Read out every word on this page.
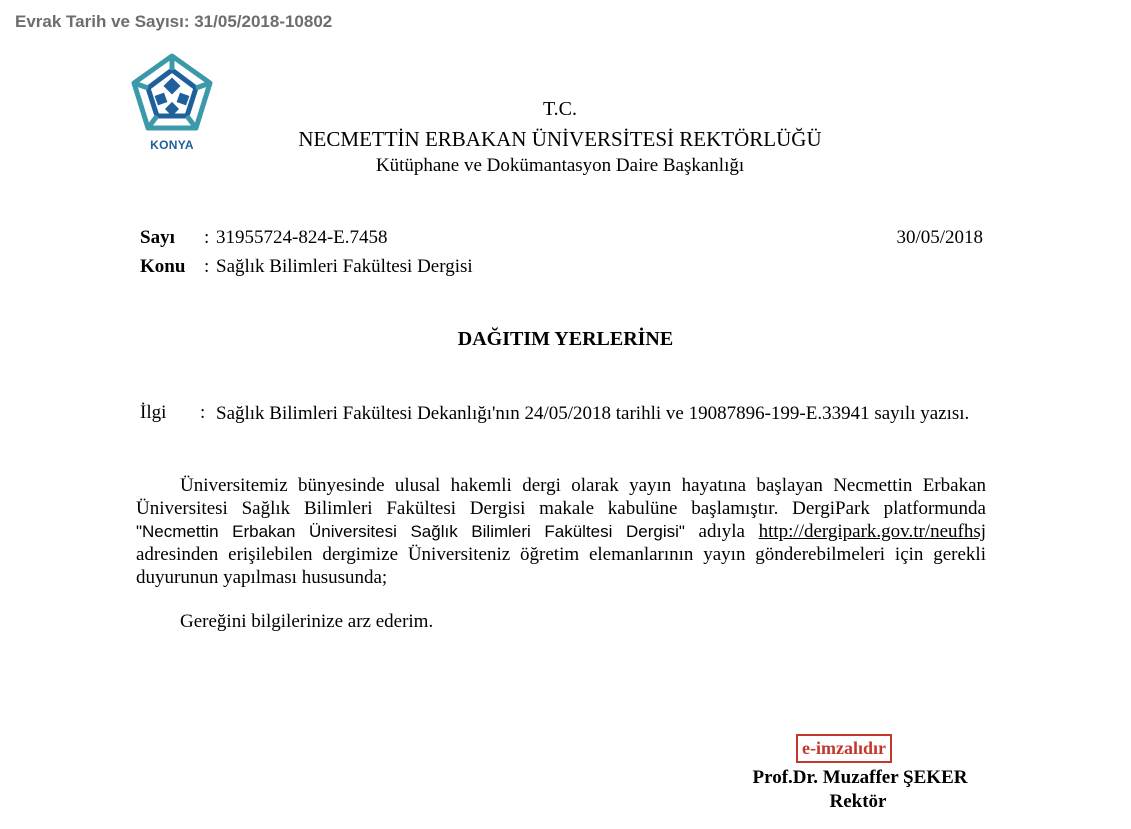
Evrak Tarih ve Sayısı: 31/05/2018-10802
KONYA
T.C.
NECMETTİN ERBAKAN ÜNİVERSİTESİ REKTÖRLÜĞÜ
Kütüphane ve Dokümantasyon Daire Başkanlığı
Sayı : 31955724-824-E.7458	30/05/2018
Konu : Sağlık Bilimleri Fakültesi Dergisi
DAĞITIM YERLERİNE
İlgi : Sağlık Bilimleri Fakültesi Dekanlığı'nın 24/05/2018 tarihli ve 19087896-199-E.33941 sayılı yazısı.
Üniversitemiz bünyesinde ulusal hakemli dergi olarak yayın hayatına başlayan Necmettin Erbakan Üniversitesi Sağlık Bilimleri Fakültesi Dergisi makale kabulüne başlamıştır. DergiPark platformunda "Necmettin Erbakan Üniversitesi Sağlık Bilimleri Fakültesi Dergisi" adıyla http://dergipark.gov.tr/neufhsj adresinden erişilebilen dergimize Üniversiteniz öğretim elemanlarının yayın gönderebilmeleri için gerekli duyurunun yapılması hususunda;
Gereğini bilgilerinize arz ederim.
e-imzalıdır
Prof.Dr. Muzaffer ŞEKER
Rektör
